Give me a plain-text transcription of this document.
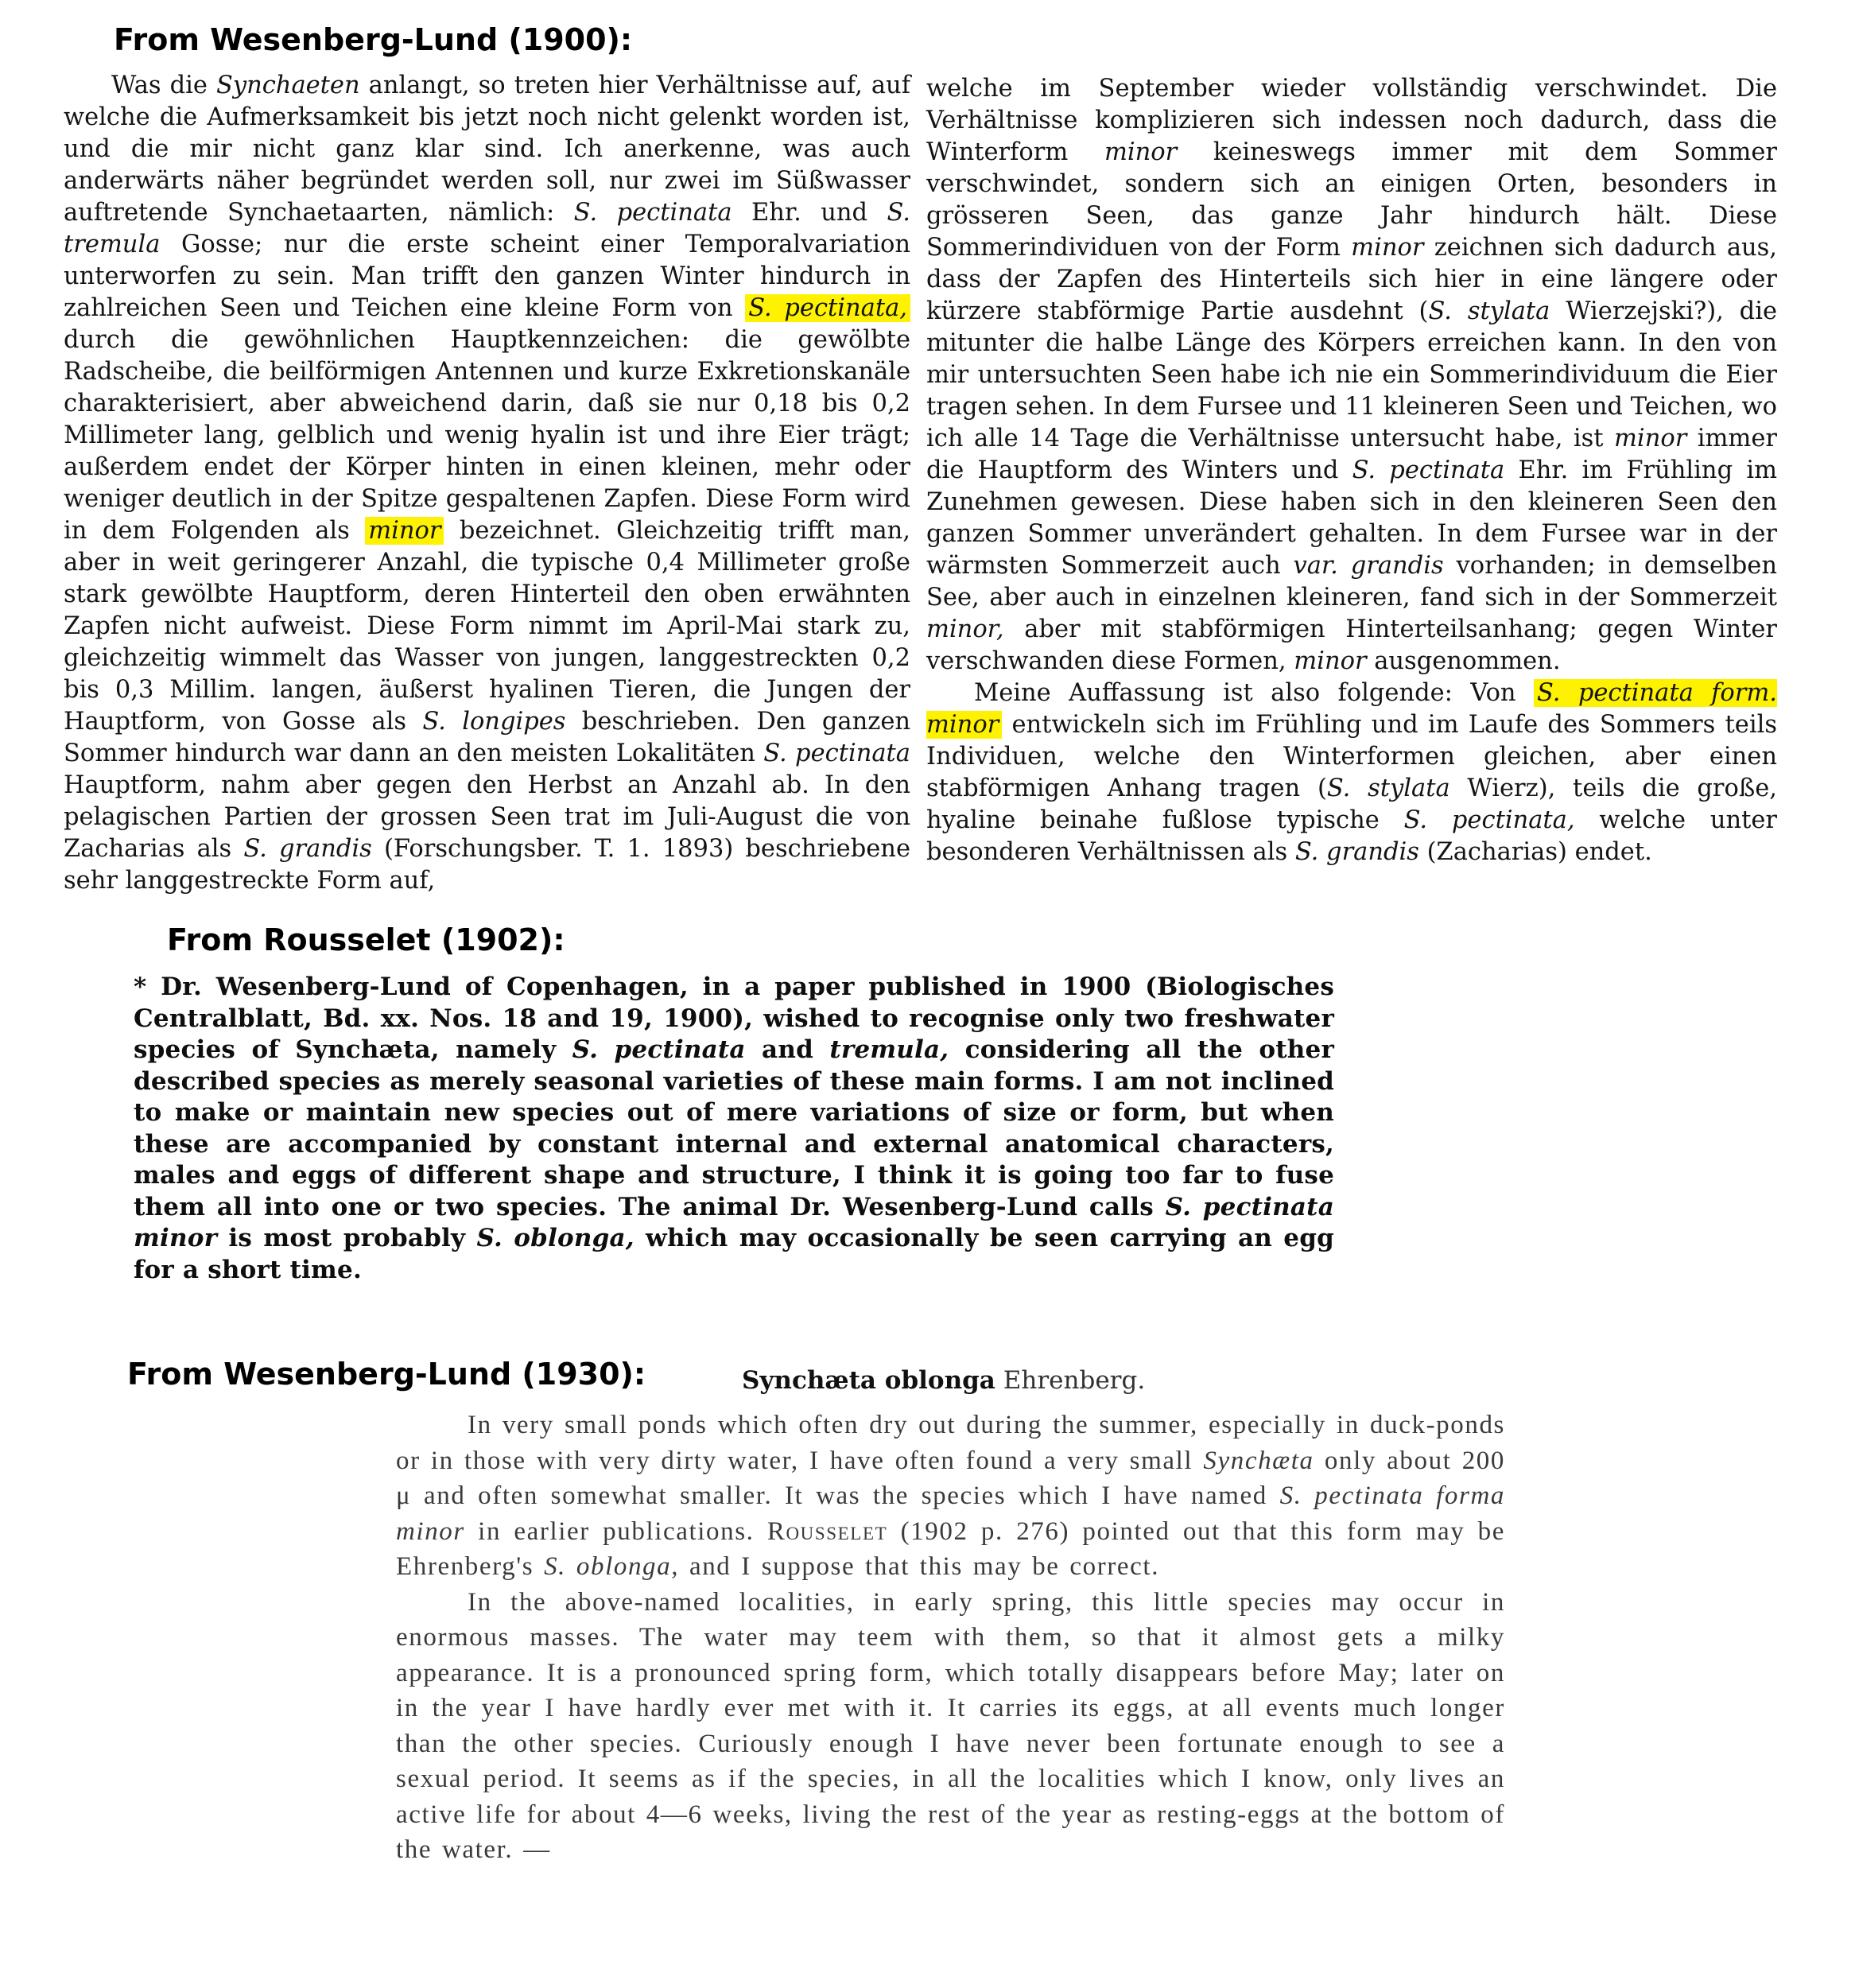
From Wesenberg-Lund (1900):

Was die Synchaeten anlangt, so treten hier Verhältnisse auf, auf welche die Aufmerksamkeit bis jetzt noch nicht gelenkt worden ist, und die mir nicht ganz klar sind. Ich anerkenne, was auch anderwärts näher begründet werden soll, nur zwei im Süßwasser auftretende Synchaetaarten, nämlich: S. pectinata Ehr. und S. tremula Gosse; nur die erste scheint einer Temporalvariation unterworfen zu sein. Man trifft den ganzen Winter hindurch in zahlreichen Seen und Teichen eine kleine Form von S. pectinata, durch die gewöhnlichen Hauptkennzeichen: die gewölbte Radscheibe, die beilförmigen Antennen und kurze Exkretionskanäle charakterisiert, aber abweichend darin, daß sie nur 0,18 bis 0,2 Millimeter lang, gelblich und wenig hyalin ist und ihre Eier trägt; außerdem endet der Körper hinten in einen kleinen, mehr oder weniger deutlich in der Spitze gespaltenen Zapfen. Diese Form wird in dem Folgenden als minor bezeichnet. Gleichzeitig trifft man, aber in weit geringerer Anzahl, die typische 0,4 Millimeter große stark gewölbte Hauptform, deren Hinterteil den oben erwähnten Zapfen nicht aufweist. Diese Form nimmt im April-Mai stark zu, gleichzeitig wimmelt das Wasser von jungen, langgestreckten 0,2 bis 0,3 Millim. langen, äußerst hyalinen Tieren, die Jungen der Hauptform, von Gosse als S. longipes beschrieben. Den ganzen Sommer hindurch war dann an den meisten Lokalitäten S. pectinata Hauptform, nahm aber gegen den Herbst an Anzahl ab. In den pelagischen Partien der grossen Seen trat im Juli-August die von Zacharias als S. grandis (Forschungsber. T. 1. 1893) beschriebene sehr langgestreckte Form auf,

welche im September wieder vollständig verschwindet. Die Verhältnisse komplizieren sich indessen noch dadurch, dass die Winterform minor keineswegs immer mit dem Sommer verschwindet, sondern sich an einigen Orten, besonders in grösseren Seen, das ganze Jahr hindurch hält. Diese Sommerindividuen von der Form minor zeichnen sich dadurch aus, dass der Zapfen des Hinterteils sich hier in eine längere oder kürzere stabförmige Partie ausdehnt (S. stylata Wierzejski?), die mitunter die halbe Länge des Körpers erreichen kann. In den von mir untersuchten Seen habe ich nie ein Sommerindividuum die Eier tragen sehen. In dem Fursee und 11 kleineren Seen und Teichen, wo ich alle 14 Tage die Verhältnisse untersucht habe, ist minor immer die Hauptform des Winters und S. pectinata Ehr. im Frühling im Zunehmen gewesen. Diese haben sich in den kleineren Seen den ganzen Sommer unverändert gehalten. In dem Fursee war in der wärmsten Sommerzeit auch var. grandis vorhanden; in demselben See, aber auch in einzelnen kleineren, fand sich in der Sommerzeit minor, aber mit stabförmigen Hinterteilsanhang; gegen Winter verschwanden diese Formen, minor ausgenommen.

Meine Auffassung ist also folgende: Von S. pectinata form. minor entwickeln sich im Frühling und im Laufe des Sommers teils Individuen, welche den Winterformen gleichen, aber einen stabförmigen Anhang tragen (S. stylata Wierz), teils die große, hyaline beinahe fußlose typische S. pectinata, welche unter besonderen Verhältnissen als S. grandis (Zacharias) endet.

From Rousselet (1902):

* Dr. Wesenberg-Lund of Copenhagen, in a paper published in 1900 (Biologisches Centralblatt, Bd. xx. Nos. 18 and 19, 1900), wished to recognise only two freshwater species of Synchæta, namely S. pectinata and tremula, considering all the other described species as merely seasonal varieties of these main forms. I am not inclined to make or maintain new species out of mere variations of size or form, but when these are accompanied by constant internal and external anatomical characters, males and eggs of different shape and structure, I think it is going too far to fuse them all into one or two species. The animal Dr. Wesenberg-Lund calls S. pectinata minor is most probably S. oblonga, which may occasionally be seen carrying an egg for a short time.

From Wesenberg-Lund (1930):	Synchæta oblonga Ehrenberg.

In very small ponds which often dry out during the summer, especially in duck-ponds or in those with very dirty water, I have often found a very small Synchæta only about 200 μ and often somewhat smaller. It was the species which I have named S. pectinata forma minor in earlier publications. Rousselet (1902 p. 276) pointed out that this form may be Ehrenberg's S. oblonga, and I suppose that this may be correct.

In the above-named localities, in early spring, this little species may occur in enormous masses. The water may teem with them, so that it almost gets a milky appearance. It is a pronounced spring form, which totally disappears before May; later on in the year I have hardly ever met with it. It carries its eggs, at all events much longer than the other species. Curiously enough I have never been fortunate enough to see a sexual period. It seems as if the species, in all the localities which I know, only lives an active life for about 4—6 weeks, living the rest of the year as resting-eggs at the bottom of the water. —
